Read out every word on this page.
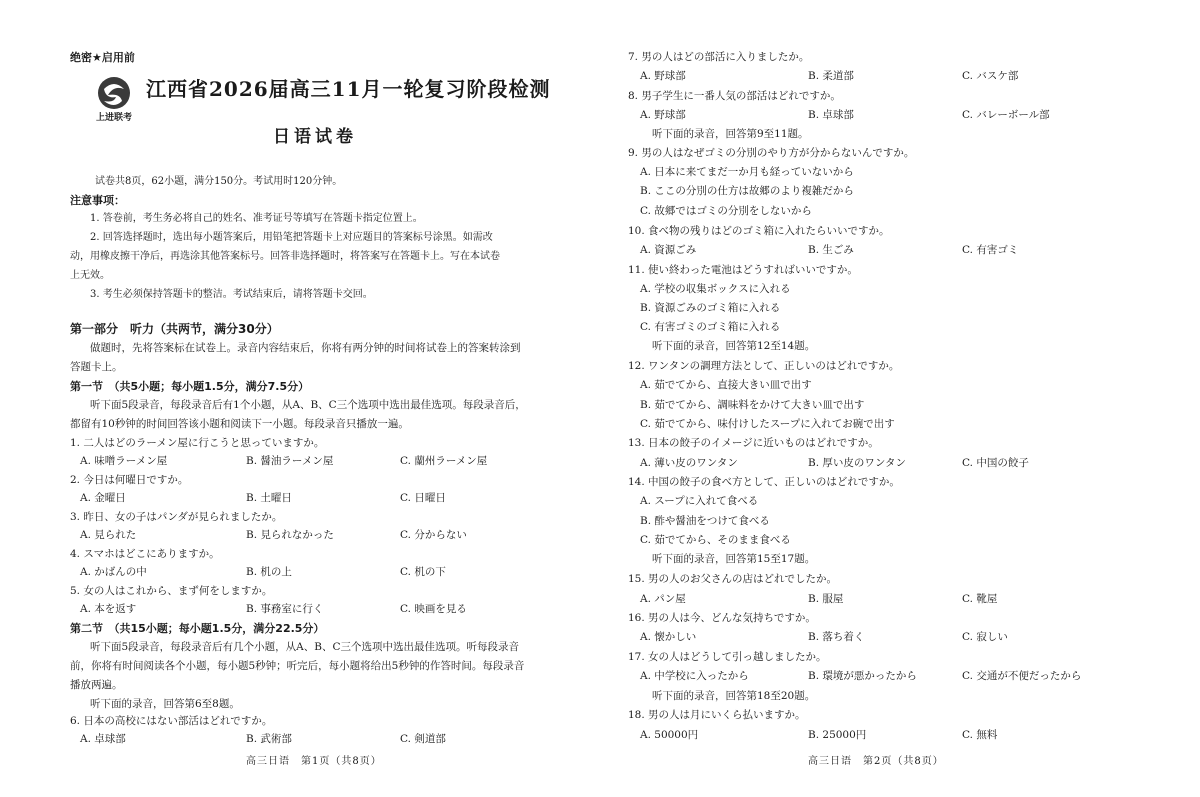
绝密★启用前
上进联考
江西省2026届高三11月一轮复习阶段检测
日语试卷
试卷共8页，62小题，满分150分。考试用时120分钟。
注意事项：
1. 答卷前，考生务必将自己的姓名、准考证号等填写在答题卡指定位置上。
2. 回答选择题时，选出每小题答案后，用铅笔把答题卡上对应题目的答案标号涂黑。如需改
动，用橡皮擦干净后，再选涂其他答案标号。回答非选择题时，将答案写在答题卡上。写在本试卷
上无效。
3. 考生必须保持答题卡的整洁。考试结束后，请将答题卡交回。
第一部分　听力（共两节，满分30分）
做题时，先将答案标在试卷上。录音内容结束后，你将有两分钟的时间将试卷上的答案转涂到
答题卡上。
第一节　（共5小题；每小题1.5分，满分7.5分）
听下面5段录音，每段录音后有1个小题，从A、B、C三个选项中选出最佳选项。每段录音后，
都留有10秒钟的时间回答该小题和阅读下一小题。每段录音只播放一遍。
1. 二人はどのラーメン屋に行こうと思っていますか。
A. 味噌ラーメン屋	B. 醤油ラーメン屋	C. 蘭州ラーメン屋
2. 今日は何曜日ですか。
A. 金曜日	B. 土曜日	C. 日曜日
3. 昨日、女の子はパンダが見られましたか。
A. 見られた	B. 見られなかった	C. 分からない
4. スマホはどこにありますか。
A. かばんの中	B. 机の上	C. 机の下
5. 女の人はこれから、まず何をしますか。
A. 本を返す	B. 事務室に行く	C. 映画を見る
第二节　（共15小题；每小题1.5分，满分22.5分）
听下面5段录音，每段录音后有几个小题，从A、B、C三个选项中选出最佳选项。听每段录音
前，你将有时间阅读各个小题，每小题5秒钟；听完后，每小题将给出5秒钟的作答时间。每段录音
播放两遍。
听下面的录音，回答第6至8题。
6. 日本の高校にはない部活はどれですか。
A. 卓球部	B. 武術部	C. 剣道部
高三日语　第1页（共8页）
7. 男の人はどの部活に入りましたか。
A. 野球部	B. 柔道部	C. バスケ部
8. 男子学生に一番人気の部活はどれですか。
A. 野球部	B. 卓球部	C. バレーボール部
听下面的录音，回答第9至11题。
9. 男の人はなぜゴミの分別のやり方が分からないんですか。
A. 日本に来てまだ一か月も経っていないから
B. ここの分別の仕方は故郷のより複雑だから
C. 故郷ではゴミの分別をしないから
10. 食べ物の残りはどのゴミ箱に入れたらいいですか。
A. 資源ごみ	B. 生ごみ	C. 有害ゴミ
11. 使い終わった電池はどうすればいいですか。
A. 学校の収集ボックスに入れる
B. 資源ごみのゴミ箱に入れる
C. 有害ゴミのゴミ箱に入れる
听下面的录音，回答第12至14题。
12. ワンタンの調理方法として、正しいのはどれですか。
A. 茹でてから、直接大きい皿で出す
B. 茹でてから、調味料をかけて大きい皿で出す
C. 茹でてから、味付けしたスープに入れてお碗で出す
13. 日本の餃子のイメージに近いものはどれですか。
A. 薄い皮のワンタン	B. 厚い皮のワンタン	C. 中国の餃子
14. 中国の餃子の食べ方として、正しいのはどれですか。
A. スープに入れて食べる
B. 酢や醤油をつけて食べる
C. 茹でてから、そのまま食べる
听下面的录音，回答第15至17题。
15. 男の人のお父さんの店はどれでしたか。
A. パン屋	B. 服屋	C. 靴屋
16. 男の人は今、どんな気持ちですか。
A. 懐かしい	B. 落ち着く	C. 寂しい
17. 女の人はどうして引っ越しましたか。
A. 中学校に入ったから	B. 環境が悪かったから	C. 交通が不便だったから
听下面的录音，回答第18至20题。
18. 男の人は月にいくら払いますか。
A. 50000円	B. 25000円	C. 無料
高三日语　第2页（共8页）
